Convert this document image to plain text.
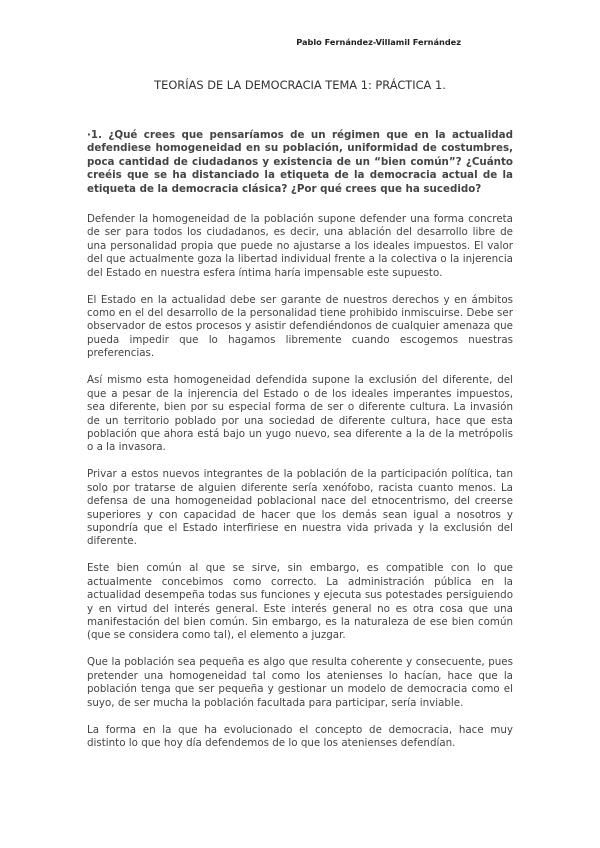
Pablo Fernández-Villamil Fernández
TEORÍAS DE LA DEMOCRACIA TEMA 1: PRÁCTICA 1.

·1. ¿Qué crees que pensaríamos de un régimen que en la actualidad defendiese homogeneidad en su población, uniformidad de costumbres, poca cantidad de ciudadanos y existencia de un “bien común”? ¿Cuánto creéis que se ha distanciado la etiqueta de la democracia actual de la etiqueta de la democracia clásica? ¿Por qué crees que ha sucedido?

Defender la homogeneidad de la población supone defender una forma concreta de ser para todos los ciudadanos, es decir, una ablación del desarrollo libre de una personalidad propia que puede no ajustarse a los ideales impuestos. El valor del que actualmente goza la libertad individual frente a la colectiva o la injerencia del Estado en nuestra esfera íntima haría impensable este supuesto.

El Estado en la actualidad debe ser garante de nuestros derechos y en ámbitos como en el del desarrollo de la personalidad tiene prohibido inmiscuirse. Debe ser observador de estos procesos y asistir defendiéndonos de cualquier amenaza que pueda impedir que lo hagamos libremente cuando escogemos nuestras preferencias.

Así mismo esta homogeneidad defendida supone la exclusión del diferente, del que a pesar de la injerencia del Estado o de los ideales imperantes impuestos, sea diferente, bien por su especial forma de ser o diferente cultura. La invasión de un territorio poblado por una sociedad de diferente cultura, hace que esta población que ahora está bajo un yugo nuevo, sea diferente a la de la metrópolis o a la invasora.

Privar a estos nuevos integrantes de la población de la participación política, tan solo por tratarse de alguien diferente sería xenófobo, racista cuanto menos. La defensa de una homogeneidad poblacional nace del etnocentrismo, del creerse superiores y con capacidad de hacer que los demás sean igual a nosotros y supondría que el Estado interfiriese en nuestra vida privada y la exclusión del diferente.

Este bien común al que se sirve, sin embargo, es compatible con lo que actualmente concebimos como correcto. La administración pública en la actualidad desempeña todas sus funciones y ejecuta sus potestades persiguiendo y en virtud del interés general. Este interés general no es otra cosa que una manifestación del bien común. Sin embargo, es la naturaleza de ese bien común (que se considera como tal), el elemento a juzgar.

Que la población sea pequeña es algo que resulta coherente y consecuente, pues pretender una homogeneidad tal como los atenienses lo hacían, hace que la población tenga que ser pequeña y gestionar un modelo de democracia como el suyo, de ser mucha la población facultada para participar, sería inviable.

La forma en la que ha evolucionado el concepto de democracia, hace muy distinto lo que hoy día defendemos de lo que los atenienses defendían.
